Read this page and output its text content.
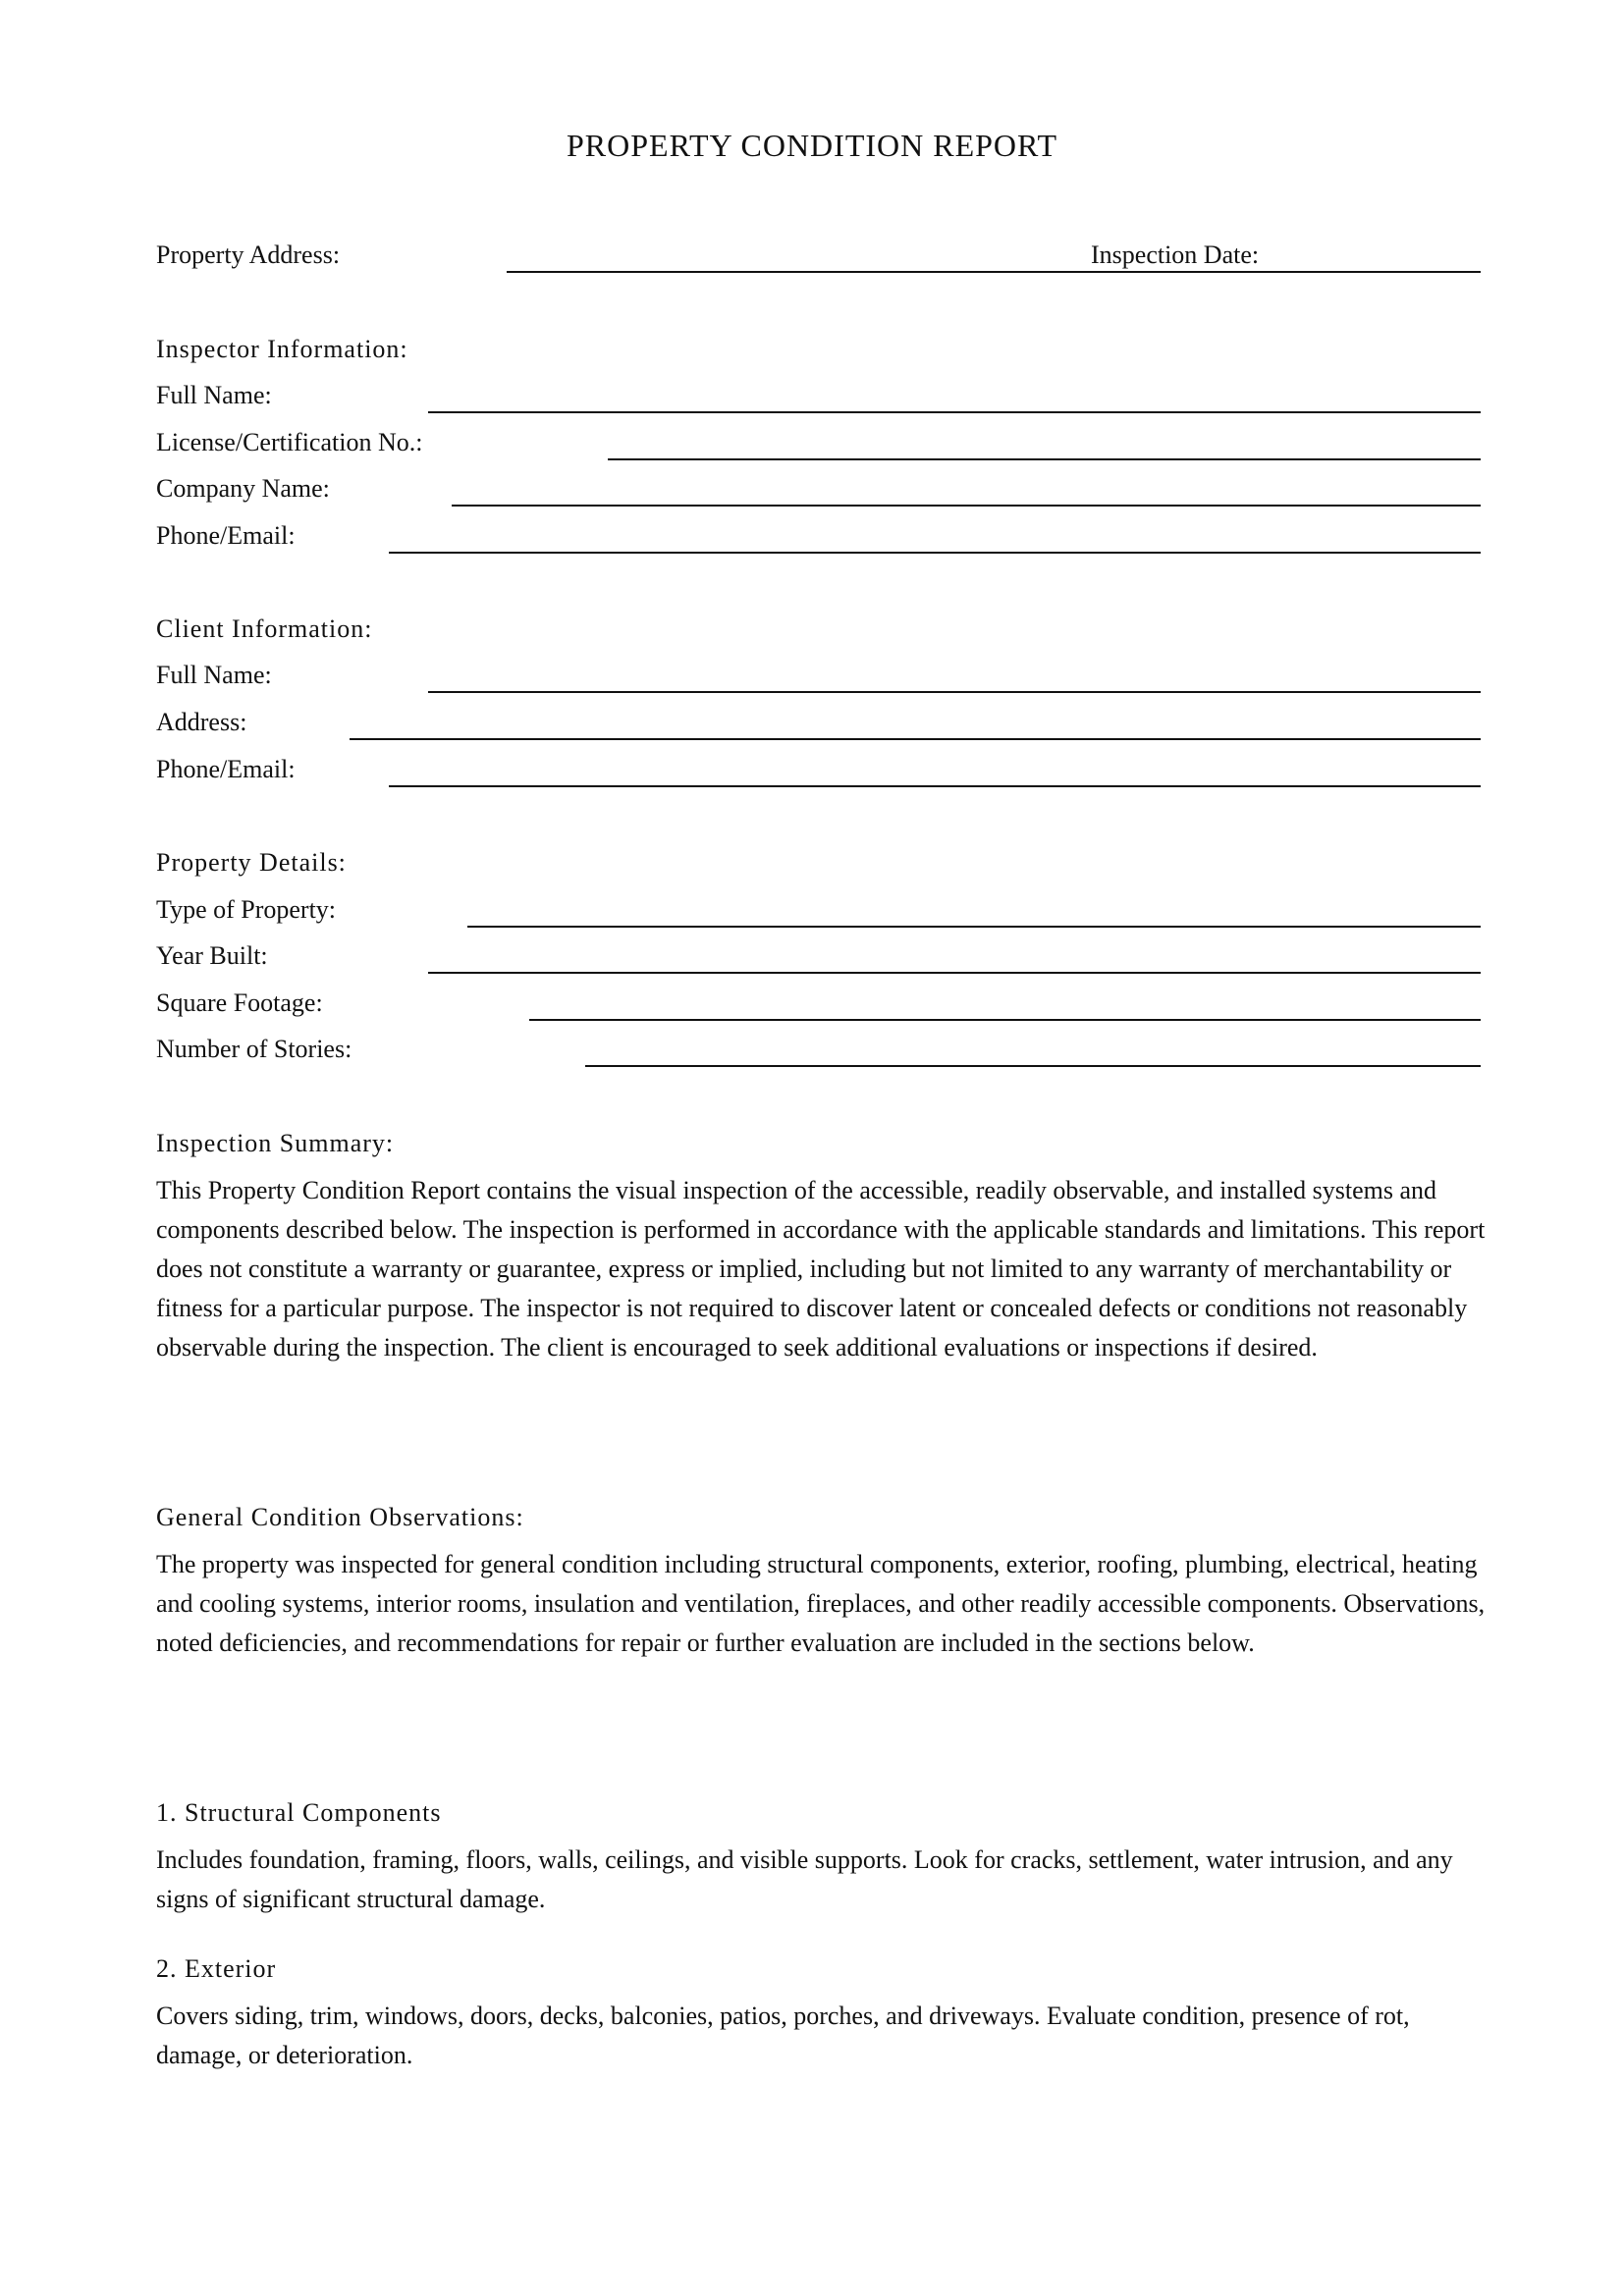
PROPERTY CONDITION REPORT
Property Address:	Inspection Date:
Inspector Information:
Full Name:
License/Certification No.:
Company Name:
Phone/Email:
Client Information:
Full Name:
Address:
Phone/Email:
Property Details:
Type of Property:
Year Built:
Square Footage:
Number of Stories:
Inspection Summary:
This Property Condition Report contains the visual inspection of the accessible, readily observable, and installed systems and components described below. The inspection is performed in accordance with the applicable standards and limitations. This report does not constitute a warranty or guarantee, express or implied, including but not limited to any warranty of merchantability or fitness for a particular purpose. The inspector is not required to discover latent or concealed defects or conditions not reasonably observable during the inspection. The client is encouraged to seek additional evaluations or inspections if desired.
General Condition Observations:
The property was inspected for general condition including structural components, exterior, roofing, plumbing, electrical, heating and cooling systems, interior rooms, insulation and ventilation, fireplaces, and other readily accessible components. Observations, noted deficiencies, and recommendations for repair or further evaluation are included in the sections below.
1. Structural Components
Includes foundation, framing, floors, walls, ceilings, and visible supports. Look for cracks, settlement, water intrusion, and any signs of significant structural damage.
2. Exterior
Covers siding, trim, windows, doors, decks, balconies, patios, porches, and driveways. Evaluate condition, presence of rot, damage, or deterioration.
